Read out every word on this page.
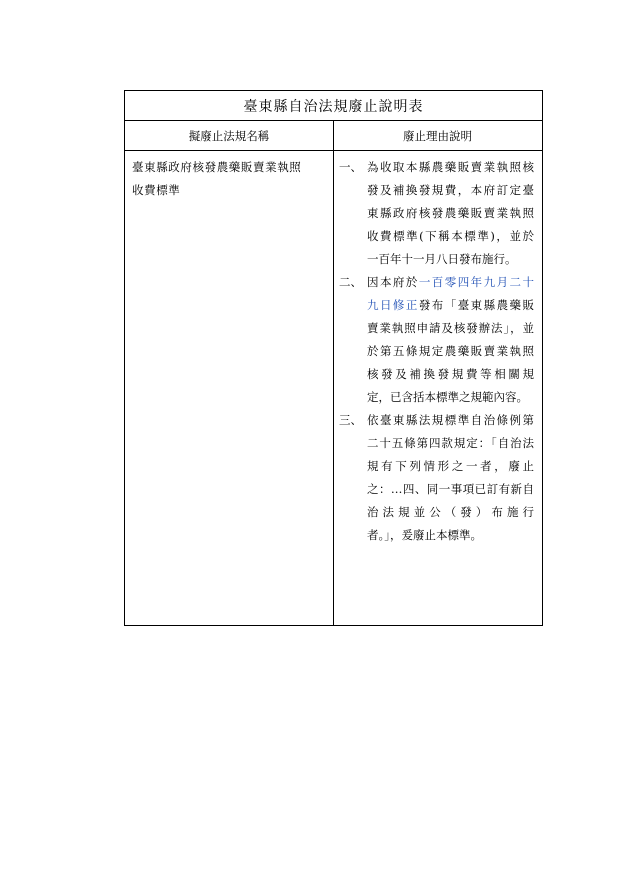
臺東縣自治法規廢止說明表
擬廢止法規名稱	廢止理由說明
臺東縣政府核發農藥販賣業執照
收費標準
一、 為收取本縣農藥販賣業執照核
發及補換發規費，本府訂定臺
東縣政府核發農藥販賣業執照
收費標準(下稱本標準)，並於
一百年十一月八日發布施行。
二、 因本府於一百零四年九月二十
九日修正發布「臺東縣農藥販
賣業執照申請及核發辦法」，並
於第五條規定農藥販賣業執照
核發及補換發規費等相關規
定，已含括本標準之規範內容。
三、 依臺東縣法規標準自治條例第
二十五條第四款規定：「自治法
規有下列情形之一者，廢止
之：…四、同一事項已訂有新自
治法規並公（發）布施行
者。」，爰廢止本標準。
